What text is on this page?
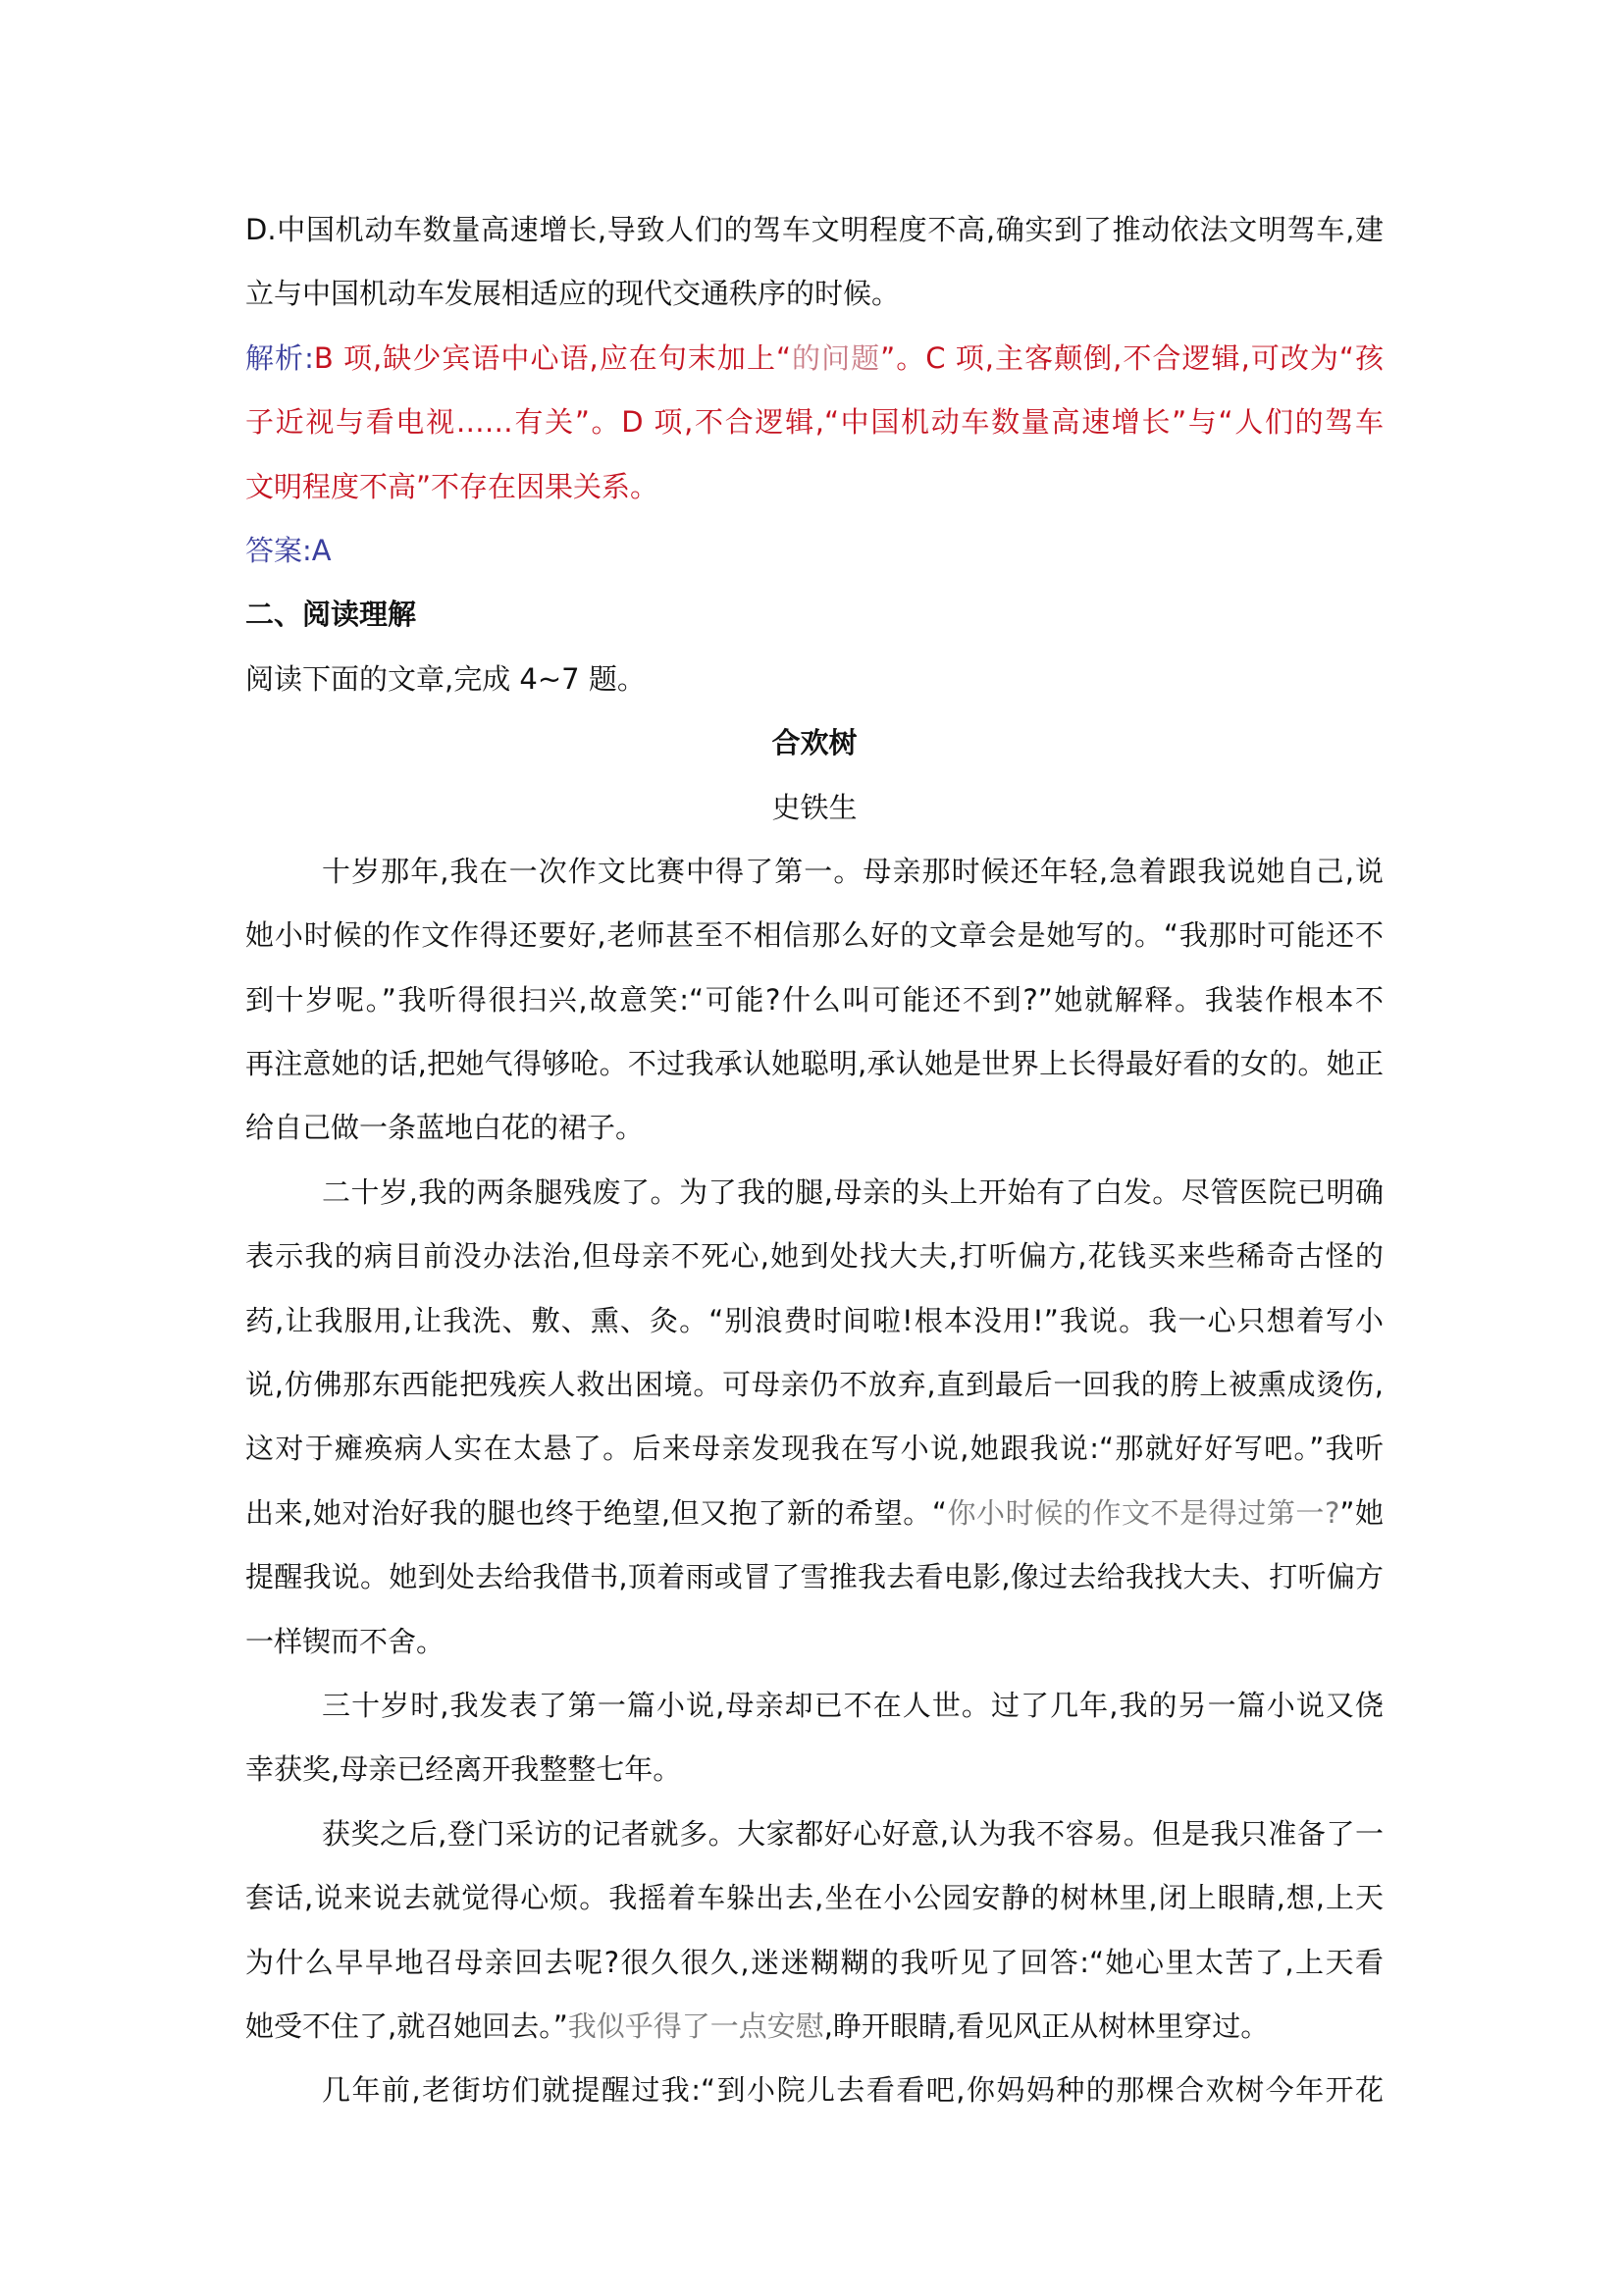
D.中国机动车数量高速增长,导致人们的驾车文明程度不高,确实到了推动依法文明驾车,建
立与中国机动车发展相适应的现代交通秩序的时候。
解析:B 项,缺少宾语中心语,应在句末加上“的问题”。C 项,主客颠倒,不合逻辑,可改为“孩
子近视与看电视……有关”。D 项,不合逻辑,“中国机动车数量高速增长”与“人们的驾车
文明程度不高”不存在因果关系。
答案:A
二、阅读理解
阅读下面的文章,完成 4~7 题。
合欢树
史铁生
十岁那年,我在一次作文比赛中得了第一。母亲那时候还年轻,急着跟我说她自己,说
她小时候的作文作得还要好,老师甚至不相信那么好的文章会是她写的。“我那时可能还不
到十岁呢。”我听得很扫兴,故意笑:“可能?什么叫可能还不到?”她就解释。我装作根本不
再注意她的话,把她气得够呛。不过我承认她聪明,承认她是世界上长得最好看的女的。她正
给自己做一条蓝地白花的裙子。
二十岁,我的两条腿残废了。为了我的腿,母亲的头上开始有了白发。尽管医院已明确
表示我的病目前没办法治,但母亲不死心,她到处找大夫,打听偏方,花钱买来些稀奇古怪的
药,让我服用,让我洗、敷、熏、灸。“别浪费时间啦!根本没用!”我说。我一心只想着写小
说,仿佛那东西能把残疾人救出困境。可母亲仍不放弃,直到最后一回我的胯上被熏成烫伤,
这对于瘫痪病人实在太悬了。后来母亲发现我在写小说,她跟我说:“那就好好写吧。”我听
出来,她对治好我的腿也终于绝望,但又抱了新的希望。“你小时候的作文不是得过第一?”她
提醒我说。她到处去给我借书,顶着雨或冒了雪推我去看电影,像过去给我找大夫、打听偏方
一样锲而不舍。
三十岁时,我发表了第一篇小说,母亲却已不在人世。过了几年,我的另一篇小说又侥
幸获奖,母亲已经离开我整整七年。
获奖之后,登门采访的记者就多。大家都好心好意,认为我不容易。但是我只准备了一
套话,说来说去就觉得心烦。我摇着车躲出去,坐在小公园安静的树林里,闭上眼睛,想,上天
为什么早早地召母亲回去呢?很久很久,迷迷糊糊的我听见了回答:“她心里太苦了,上天看
她受不住了,就召她回去。”我似乎得了一点安慰,睁开眼睛,看见风正从树林里穿过。
几年前,老街坊们就提醒过我:“到小院儿去看看吧,你妈妈种的那棵合欢树今年开花
